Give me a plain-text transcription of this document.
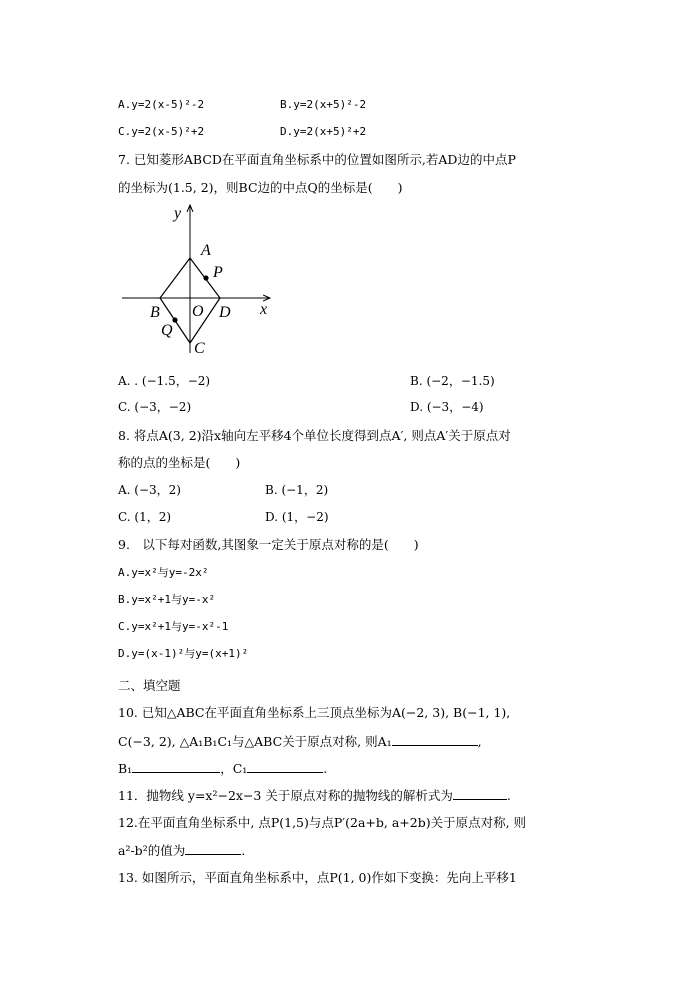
A.y=2(x-5)²-2	B.y=2(x+5)²-2
C.y=2(x-5)²+2	D.y=2(x+5)²+2
7. 已知菱形ABCD在平面直角坐标系中的位置如图所示,若AD边的中点P
的坐标为(1.5, 2)，则BC边的中点Q的坐标是(　　)
y
x
A
P
B O D
Q
C
A. . (−1.5，−2)	B. (−2，−1.5)
C. (−3，−2)	D. (−3，−4)
8. 将点A(3, 2)沿x轴向左平移4个单位长度得到点A′, 则点A′关于原点对
称的点的坐标是(　　)
A. (−3，2)	B. (−1，2)
C. (1，2)	D. (1，−2)
9.　以下每对函数,其图象一定关于原点对称的是(　　)
A.y=x²与y=-2x²
B.y=x²+1与y=-x²
C.y=x²+1与y=-x²-1
D.y=(x-1)²与y=(x+1)²
二、填空题
10. 已知△ABC在平面直角坐标系上三顶点坐标为A(−2, 3), B(−1, 1),
C(−3, 2), △A₁B₁C₁与△ABC关于原点对称, 则A₁	,
B₁	，C₁	.
11．抛物线 y=x²−2x−3 关于原点对称的抛物线的解析式为	.
12.在平面直角坐标系中, 点P(1,5)与点P′(2a+b, a+2b)关于原点对称, 则
a²-b²的值为	.
13. 如图所示，平面直角坐标系中，点P(1, 0)作如下变换：先向上平移1
